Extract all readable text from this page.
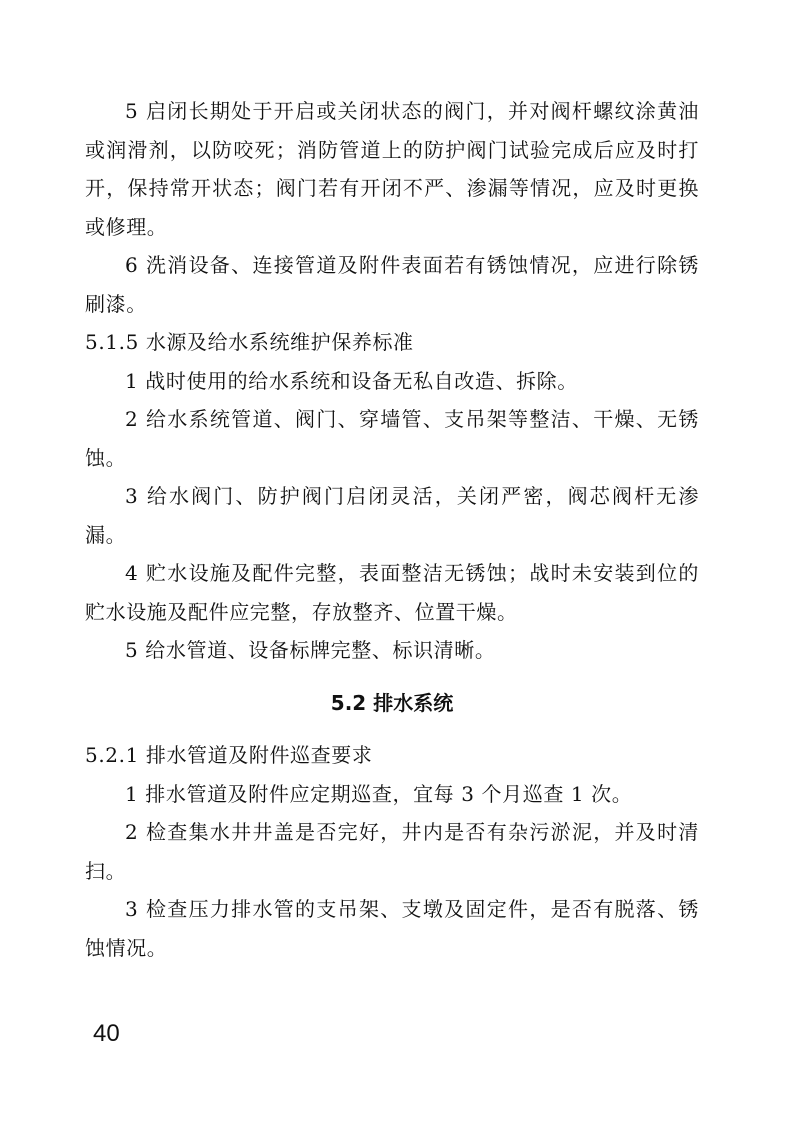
5 启闭长期处于开启或关闭状态的阀门，并对阀杆螺纹涂黄油或润滑剂，以防咬死；消防管道上的防护阀门试验完成后应及时打开，保持常开状态；阀门若有开闭不严、渗漏等情况，应及时更换或修理。

6 洗消设备、连接管道及附件表面若有锈蚀情况，应进行除锈刷漆。

5.1.5 水源及给水系统维护保养标准

1 战时使用的给水系统和设备无私自改造、拆除。

2 给水系统管道、阀门、穿墙管、支吊架等整洁、干燥、无锈蚀。

3 给水阀门、防护阀门启闭灵活，关闭严密，阀芯阀杆无渗漏。

4 贮水设施及配件完整，表面整洁无锈蚀；战时未安装到位的贮水设施及配件应完整，存放整齐、位置干燥。

5 给水管道、设备标牌完整、标识清晰。

5.2 排水系统

5.2.1 排水管道及附件巡查要求

1 排水管道及附件应定期巡查，宜每 3 个月巡查 1 次。

2 检查集水井井盖是否完好，井内是否有杂污淤泥，并及时清扫。

3 检查压力排水管的支吊架、支墩及固定件，是否有脱落、锈蚀情况。

40
